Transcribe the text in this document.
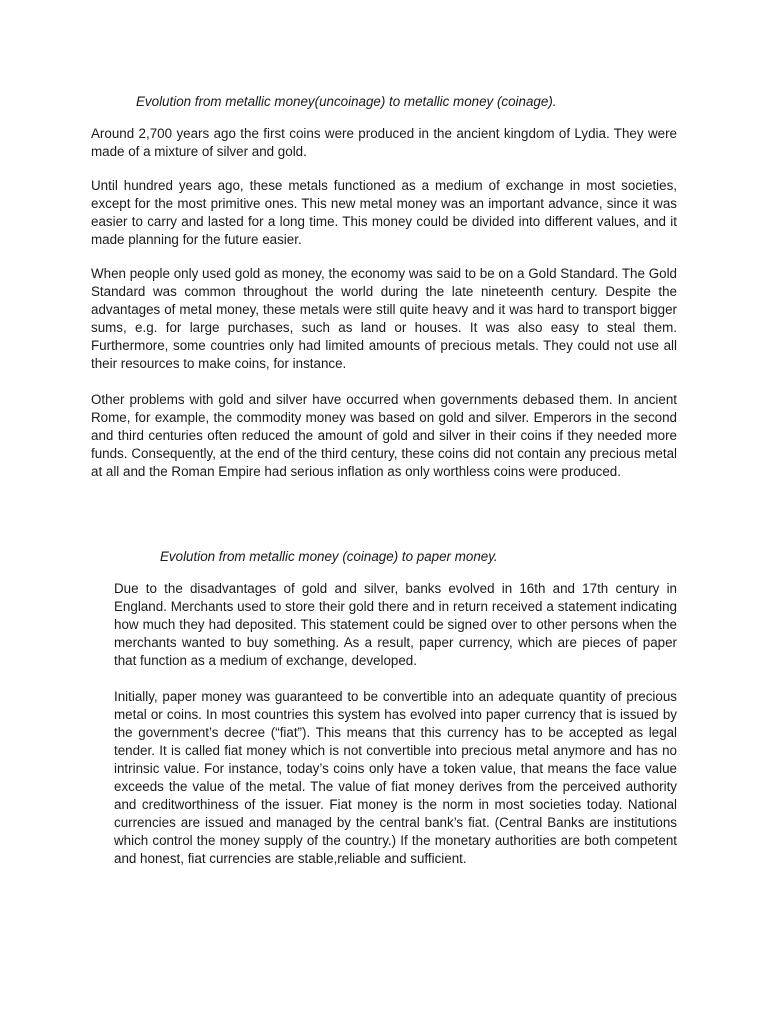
Evolution from metallic money(uncoinage) to metallic money (coinage).

Around 2,700 years ago the first coins were produced in the ancient kingdom of Lydia. They were made of a mixture of silver and gold.

Until hundred years ago, these metals functioned as a medium of exchange in most societies, except for the most primitive ones. This new metal money was an important advance, since it was easier to carry and lasted for a long time. This money could be divided into different values, and it made planning for the future easier.

When people only used gold as money, the economy was said to be on a Gold Standard. The Gold Standard was common throughout the world during the late nineteenth century. Despite the advantages of metal money, these metals were still quite heavy and it was hard to transport bigger sums, e.g. for large purchases, such as land or houses. It was also easy to steal them. Furthermore, some countries only had limited amounts of precious metals. They could not use all their resources to make coins, for instance.

Other problems with gold and silver have occurred when governments debased them. In ancient Rome, for example, the commodity money was based on gold and silver. Emperors in the second and third centuries often reduced the amount of gold and silver in their coins if they needed more funds. Consequently, at the end of the third century, these coins did not contain any precious metal at all and the Roman Empire had serious inflation as only worthless coins were produced.

Evolution from metallic money (coinage) to paper money.

Due to the disadvantages of gold and silver, banks evolved in 16th and 17th century in England. Merchants used to store their gold there and in return received a statement indicating how much they had deposited. This statement could be signed over to other persons when the merchants wanted to buy something. As a result, paper currency, which are pieces of paper that function as a medium of exchange, developed.

Initially, paper money was guaranteed to be convertible into an adequate quantity of precious metal or coins. In most countries this system has evolved into paper currency that is issued by the government’s decree (“fiat”). This means that this currency has to be accepted as legal tender. It is called fiat money which is not convertible into precious metal anymore and has no intrinsic value. For instance, today’s coins only have a token value, that means the face value exceeds the value of the metal. The value of fiat money derives from the perceived authority and creditworthiness of the issuer. Fiat money is the norm in most societies today. National currencies are issued and managed by the central bank’s fiat. (Central Banks are institutions which control the money supply of the country.) If the monetary authorities are both competent and honest, fiat currencies are stable,reliable and sufficient.
